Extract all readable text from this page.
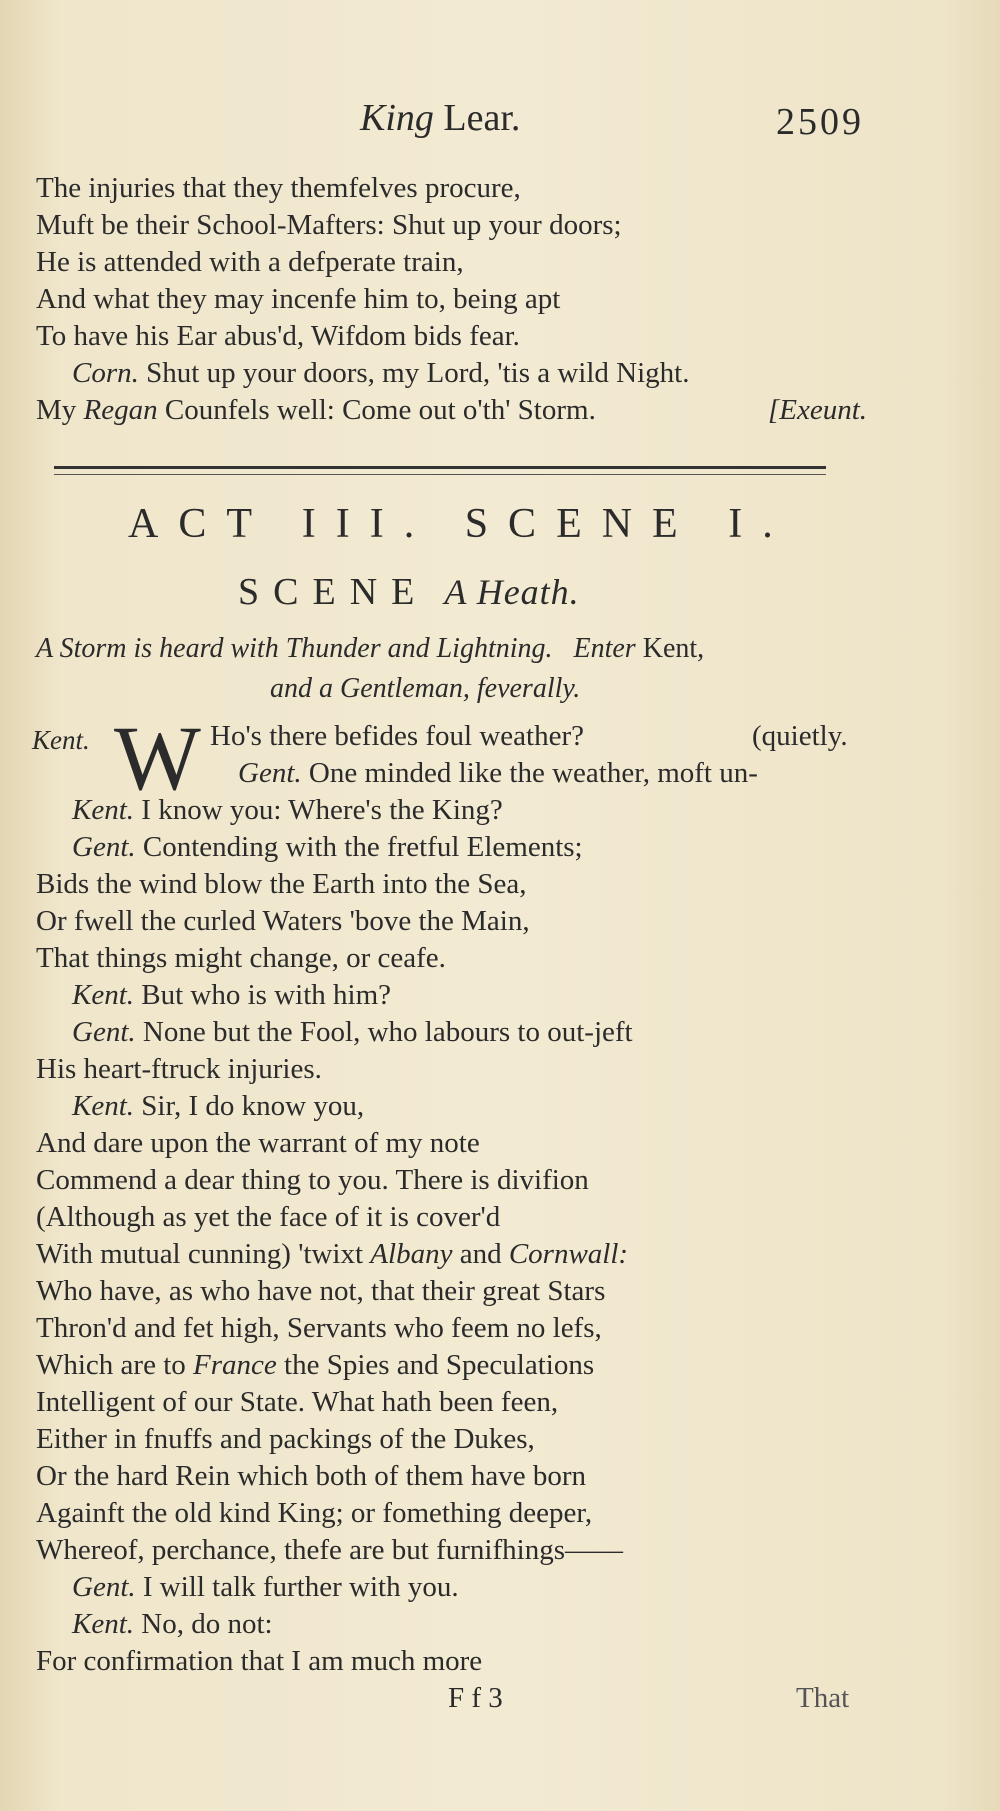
King Lear.	2509
The injuries that they themfelves procure,
Muft be their School-Mafters: Shut up your doors;
He is attended with a defperate train,
And what they may incenfe him to, being apt
To have his Ear abus'd, Wifdom bids fear.
Corn. Shut up your doors, my Lord, 'tis a wild Night.
My Regan Counfels well: Come out o'th' Storm.	[Exeunt.
ACT III. SCENE I.
SCENE A Heath.
A Storm is heard with Thunder and Lightning. Enter Kent,
and a Gentleman, feverally.
Kent. W Ho's there befides foul weather?	(quietly.
Gent. One minded like the weather, moft un-
Kent. I know you: Where's the King?
Gent. Contending with the fretful Elements;
Bids the wind blow the Earth into the Sea,
Or fwell the curled Waters 'bove the Main,
That things might change, or ceafe.
Kent. But who is with him?
Gent. None but the Fool, who labours to out-jeft
His heart-ftruck injuries.
Kent. Sir, I do know you,
And dare upon the warrant of my note
Commend a dear thing to you. There is divifion
(Although as yet the face of it is cover'd
With mutual cunning) 'twixt Albany and Cornwall:
Who have, as who have not, that their great Stars
Thron'd and fet high, Servants who feem no lefs,
Which are to France the Spies and Speculations
Intelligent of our State. What hath been feen,
Either in fnuffs and packings of the Dukes,
Or the hard Rein which both of them have born
Againft the old kind King; or fomething deeper,
Whereof, perchance, thefe are but furnifhings——
Gent. I will talk further with you.
Kent. No, do not:
For confirmation that I am much more
F f 3	That
